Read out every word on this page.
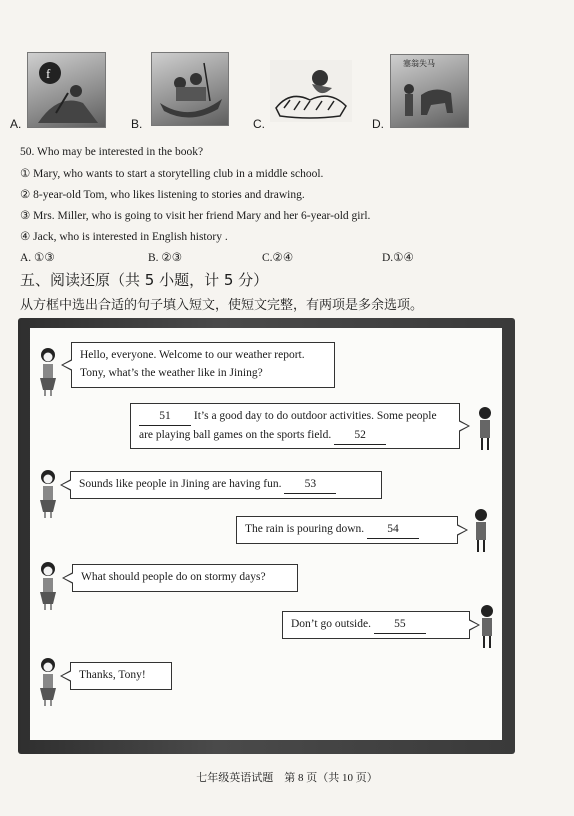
f
A.	B.	C.
塞翁失马
D.
50. Who may be interested in the book?
① Mary, who wants to start a storytelling club in a middle school.
② 8-year-old Tom, who likes listening to stories and drawing.
③ Mrs. Miller, who is going to visit her friend Mary and her 6-year-old girl.
④ Jack, who is interested in English history .
A. ①③	B. ②③	C.②④	D.①④
五、阅读还原（共 5 小题，计 5 分）
从方框中选出合适的句子填入短文，使短文完整，有两项是多余选项。
Hello, everyone. Welcome to our weather report.
Tony, what’s the weather like in Jining?
51 It’s a good day to do outdoor activities. Some people
are playing ball games on the sports field. 52
Sounds like people in Jining are having fun. 53
The rain is pouring down. 54
What should people do on stormy days?
Don’t go outside. 55
Thanks, Tony!
七年级英语试题　第 8 页（共 10 页）
